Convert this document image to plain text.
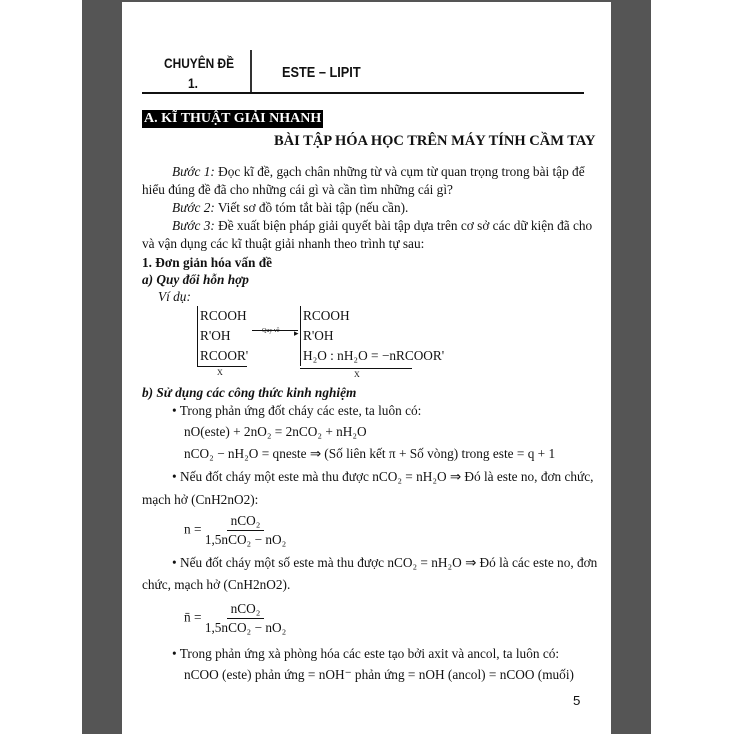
CHUYÊN ĐỀ
1.
ESTE – LIPIT
A. KĨ THUẬT GIẢI NHANH
BÀI TẬP HÓA HỌC TRÊN MÁY TÍNH CẦM TAY
Bước 1: Đọc kĩ đề, gạch chân những từ và cụm từ quan trọng trong bài tập để
hiểu đúng đề đã cho những cái gì và cần tìm những cái gì?
Bước 2: Viết sơ đồ tóm tắt bài tập (nếu cần).
Bước 3: Đề xuất biện pháp giải quyết bài tập dựa trên cơ sở các dữ kiện đã cho
và vận dụng các kĩ thuật giải nhanh theo trình tự sau:
1. Đơn giản hóa vấn đề
a) Quy đổi hỗn hợp
Ví dụ:
RCOOH
R'OH
RCOOR'
X
Quy về ▸
RCOOH
R'OH
H₂O : nH₂O = −nRCOOR'
X
b) Sử dụng các công thức kinh nghiệm
• Trong phản ứng đốt cháy các este, ta luôn có:
nO(este) + 2nO₂ = 2nCO₂ + nH₂O
nCO₂ − nH₂O = qneste ⇒ (Số liên kết π + Số vòng) trong este = q + 1
• Nếu đốt cháy một este mà thu được nCO₂ = nH₂O ⇒ Đó là este no, đơn chức,
mạch hở (CnH2nO2):
$n = \frac{\text{nCO₂}}{\text{1,5nCO₂ − nO₂}}$
• Nếu đốt cháy một số este mà thu được nCO₂ = nH₂O ⇒ Đó là các este no, đơn
chức, mạch hở (CnH2nO2).
n̄ = $\frac{\text{nCO₂}}{\text{1,5nCO₂ − nO₂}}$
• Trong phản ứng xà phòng hóa các este tạo bởi axit và ancol, ta luôn có:
nCOO (este) phản ứng = nOH⁻ phản ứng = nOH (ancol) = nCOO (muối)
5
